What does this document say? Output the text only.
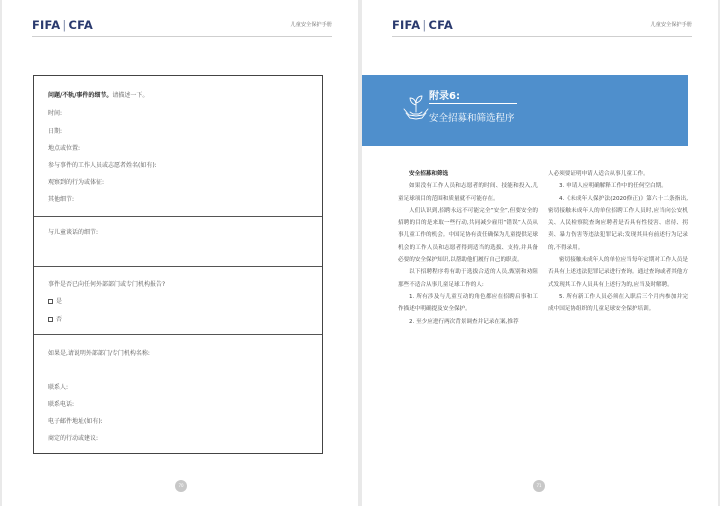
FIFA | CFA	儿童安全保护手册
问题/不轨/事件的细节。请描述一下。
时间:
日期:
地点或位置:
参与事件的工作人员或志愿者姓名(如有):
观察到的行为或体征:
其他细节:
与儿童谈话的细节:
事件是否已向任何外部部门或专门机构报告?
是
否
如果是,请说明外部部门/专门机构名称:
联系人:
联系电话:
电子邮件地址(如有):
商定的行动或建议:
70
FIFA | CFA	儿童安全保护手册
附录6:
安全招募和筛选程序

安全招募和筛选

如果没有工作人员和志愿者的时间、技能和投入,儿童足球项目的范围和质量就不可能存在。

人们认识到,招聘永远不可能完全“安全”,但要安全的招聘的目的是来取一些行动,共同减少雇用“错误”人员从事儿童工作的机会。中国足协有责任确保为儿童提供足球机会的工作人员和志愿者得到适当的选拔、支持,并具备必要的安全保护知识,以帮助他们履行自己的职责。

以下招聘程序将有助于选拔合适的人员,甄别和劝阻那些不适合从事儿童足球工作的人:

1. 所有涉及与儿童互动的角色都应在招聘启事和工作描述中明确提及安全保护。

2. 至少应进行两次背景调查并记录在案,推荐

人必须要证明申请人适合从事儿童工作。

3. 申请人应明确解释工作中的任何空白期。

4.《未成年人保护法(2020修正)》第六十二条指出,密切接触未成年人的单位招聘工作人员时,应当向公安机关、人民检察院查询应聘者是否具有性侵害、虐待、拐卖、暴力伤害等违法犯罪记录;发现其具有前述行为记录的,不得录用。

密切接触未成年人的单位应当每年定期对工作人员是否具有上述违法犯罪记录进行查询。通过查询或者其他方式发现其工作人员具有上述行为的,应当及时解聘。

5. 所有新工作人员必须在入职后三个月内参加并完成中国足协组织的儿童足球安全保护培训。

71
